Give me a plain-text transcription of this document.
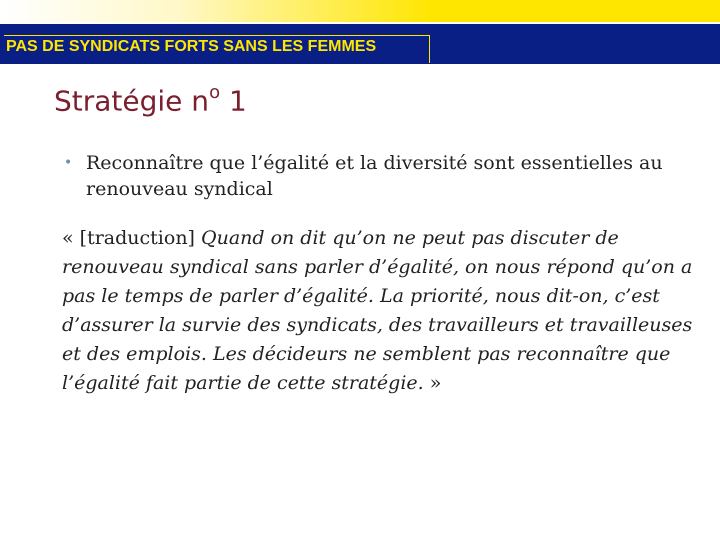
PAS DE SYNDICATS FORTS SANS LES FEMMES
Stratégie $n^o$ 1
• Reconnaître que l’égalité et la diversité sont essentielles au renouveau syndical
« [traduction] Quand on dit qu’on ne peut pas discuter de renouveau syndical sans parler d’égalité, on nous répond qu’on a pas le temps de parler d’égalité. La priorité, nous dit-on, c’est d’assurer la survie des syndicats, des travailleurs et travailleuses et des emplois. Les décideurs ne semblent pas reconnaître que l’égalité fait partie de cette stratégie. »
